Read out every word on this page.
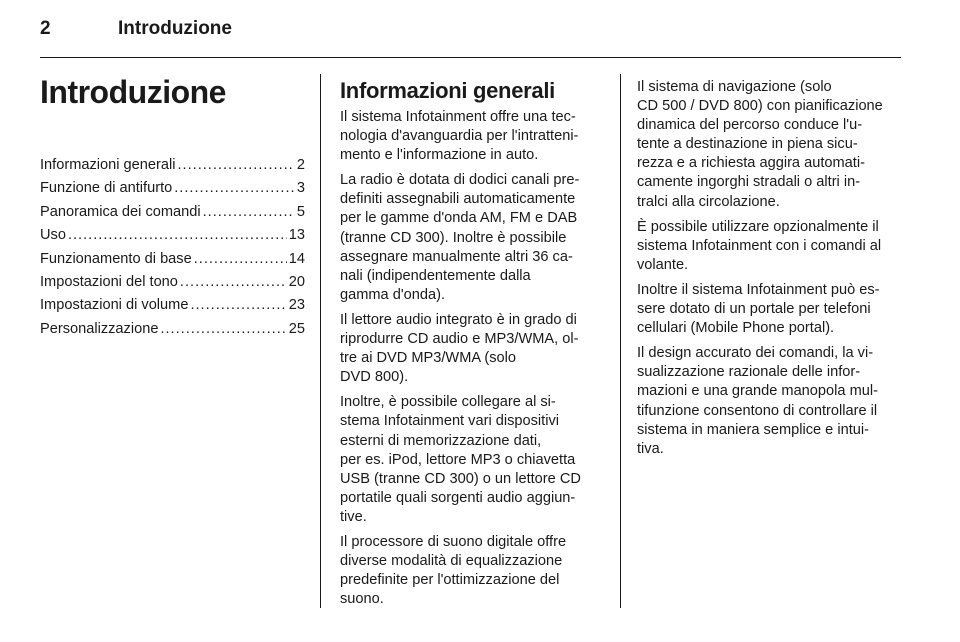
2	Introduzione
Introduzione
Informazioni generali .....	2
Funzione di antifurto .....	3
Panoramica dei comandi .....	5
Uso .....	13
Funzionamento di base .....	14
Impostazioni del tono .....	20
Impostazioni di volume .....	23
Personalizzazione .....	25
Informazioni generali

Il sistema Infotainment offre una tec-
nologia d'avanguardia per l'intratteni-
mento e l'informazione in auto.

La radio è dotata di dodici canali pre-
definiti assegnabili automaticamente
per le gamme d'onda AM, FM e DAB
(tranne CD 300). Inoltre è possibile
assegnare manualmente altri 36 ca-
nali (indipendentemente dalla
gamma d'onda).

Il lettore audio integrato è in grado di
riprodurre CD audio e MP3/WMA, ol-
tre ai DVD MP3/WMA (solo
DVD 800).

Inoltre, è possibile collegare al si-
stema Infotainment vari dispositivi
esterni di memorizzazione dati,
per es. iPod, lettore MP3 o chiavetta
USB (tranne CD 300) o un lettore CD
portatile quali sorgenti audio aggiun-
tive.

Il processore di suono digitale offre
diverse modalità di equalizzazione
predefinite per l'ottimizzazione del
suono.

Il sistema di navigazione (solo
CD 500 / DVD 800) con pianificazione
dinamica del percorso conduce l'u-
tente a destinazione in piena sicu-
rezza e a richiesta aggira automati-
camente ingorghi stradali o altri in-
tralci alla circolazione.

È possibile utilizzare opzionalmente il
sistema Infotainment con i comandi al
volante.

Inoltre il sistema Infotainment può es-
sere dotato di un portale per telefoni
cellulari (Mobile Phone portal).

Il design accurato dei comandi, la vi-
sualizzazione razionale delle infor-
mazioni e una grande manopola mul-
tifunzione consentono di controllare il
sistema in maniera semplice e intui-
tiva.
